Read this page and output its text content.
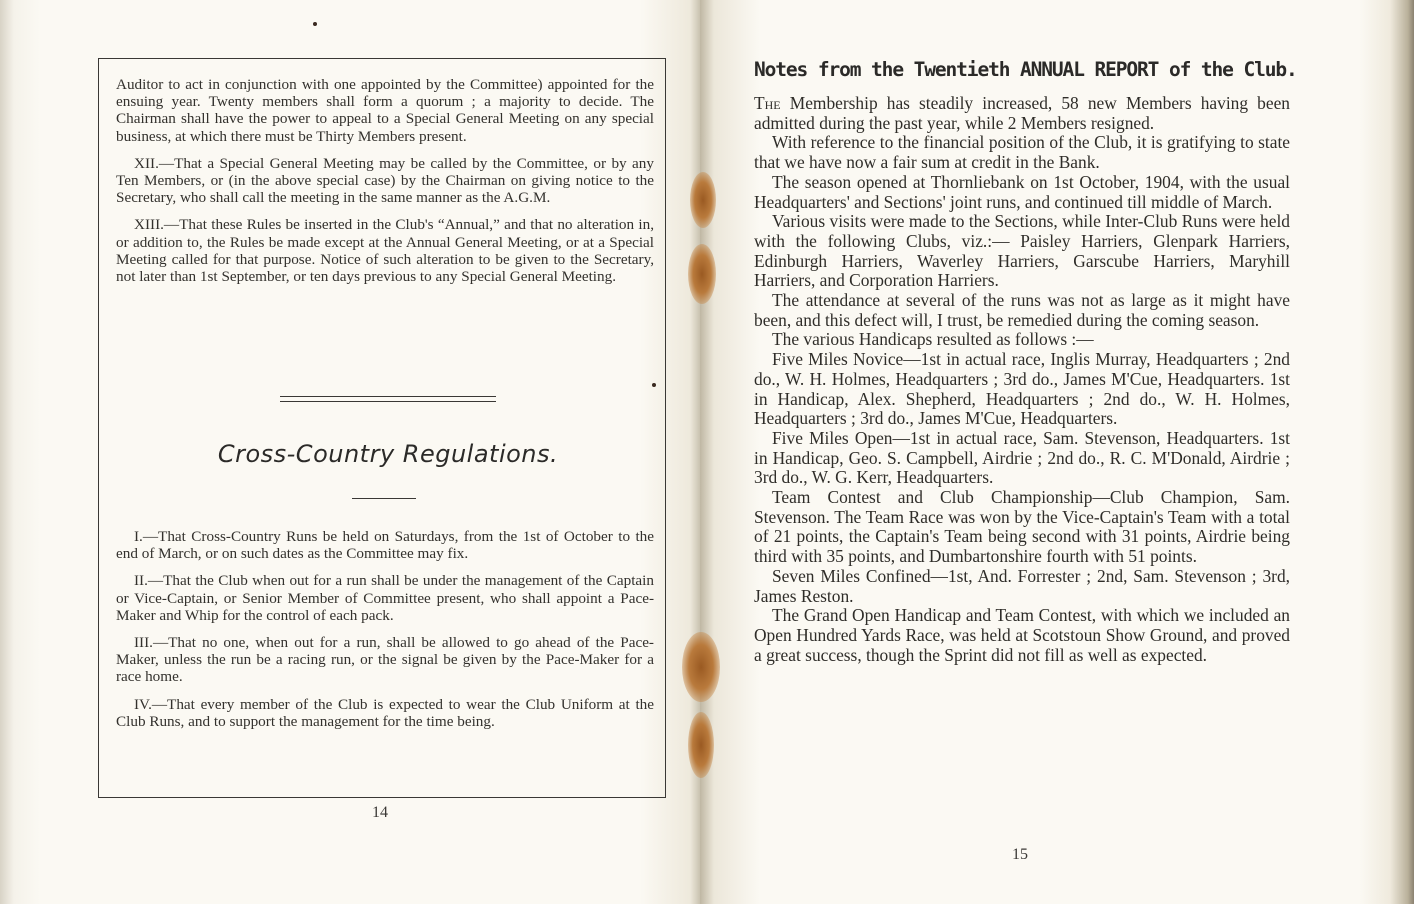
Auditor to act in conjunction with one appointed by the Committee) appointed for the ensuing year. Twenty members shall form a quorum ; a majority to decide. The Chairman shall have the power to appeal to a Special General Meeting on any special business, at which there must be Thirty Members present.

XII.—That a Special General Meeting may be called by the Committee, or by any Ten Members, or (in the above special case) by the Chairman on giving notice to the Secretary, who shall call the meeting in the same manner as the A.G.M.

XIII.—That these Rules be inserted in the Club's “Annual,” and that no alteration in, or addition to, the Rules be made except at the Annual General Meeting, or at a Special Meeting called for that purpose. Notice of such alteration to be given to the Secretary, not later than 1st September, or ten days previous to any Special General Meeting.

Cross-Country Regulations.

I.—That Cross-Country Runs be held on Saturdays, from the 1st of October to the end of March, or on such dates as the Committee may fix.

II.—That the Club when out for a run shall be under the management of the Captain or Vice-Captain, or Senior Member of Committee present, who shall appoint a Pace-Maker and Whip for the control of each pack.

III.—That no one, when out for a run, shall be allowed to go ahead of the Pace-Maker, unless the run be a racing run, or the signal be given by the Pace-Maker for a race home.

IV.—That every member of the Club is expected to wear the Club Uniform at the Club Runs, and to support the management for the time being.

14
Notes from the Twentieth ANNUAL REPORT of the Club.

The Membership has steadily increased, 58 new Members having been admitted during the past year, while 2 Members resigned.

With reference to the financial position of the Club, it is gratifying to state that we have now a fair sum at credit in the Bank.

The season opened at Thornliebank on 1st October, 1904, with the usual Headquarters' and Sections' joint runs, and continued till middle of March.

Various visits were made to the Sections, while Inter-Club Runs were held with the following Clubs, viz.:— Paisley Harriers, Glenpark Harriers, Edinburgh Harriers, Waverley Harriers, Garscube Harriers, Maryhill Harriers, and Corporation Harriers.

The attendance at several of the runs was not as large as it might have been, and this defect will, I trust, be remedied during the coming season.

The various Handicaps resulted as follows :—

Five Miles Novice—1st in actual race, Inglis Murray, Headquarters ; 2nd do., W. H. Holmes, Headquarters ; 3rd do., James M'Cue, Headquarters. 1st in Handicap, Alex. Shepherd, Headquarters ; 2nd do., W. H. Holmes, Headquarters ; 3rd do., James M'Cue, Headquarters.

Five Miles Open—1st in actual race, Sam. Stevenson, Headquarters. 1st in Handicap, Geo. S. Campbell, Airdrie ; 2nd do., R. C. M'Donald, Airdrie ; 3rd do., W. G. Kerr, Headquarters.

Team Contest and Club Championship—Club Champion, Sam. Stevenson. The Team Race was won by the Vice-Captain's Team with a total of 21 points, the Captain's Team being second with 31 points, Airdrie being third with 35 points, and Dumbartonshire fourth with 51 points.

Seven Miles Confined—1st, And. Forrester ; 2nd, Sam. Stevenson ; 3rd, James Reston.

The Grand Open Handicap and Team Contest, with which we included an Open Hundred Yards Race, was held at Scotstoun Show Ground, and proved a great success, though the Sprint did not fill as well as expected.

15
